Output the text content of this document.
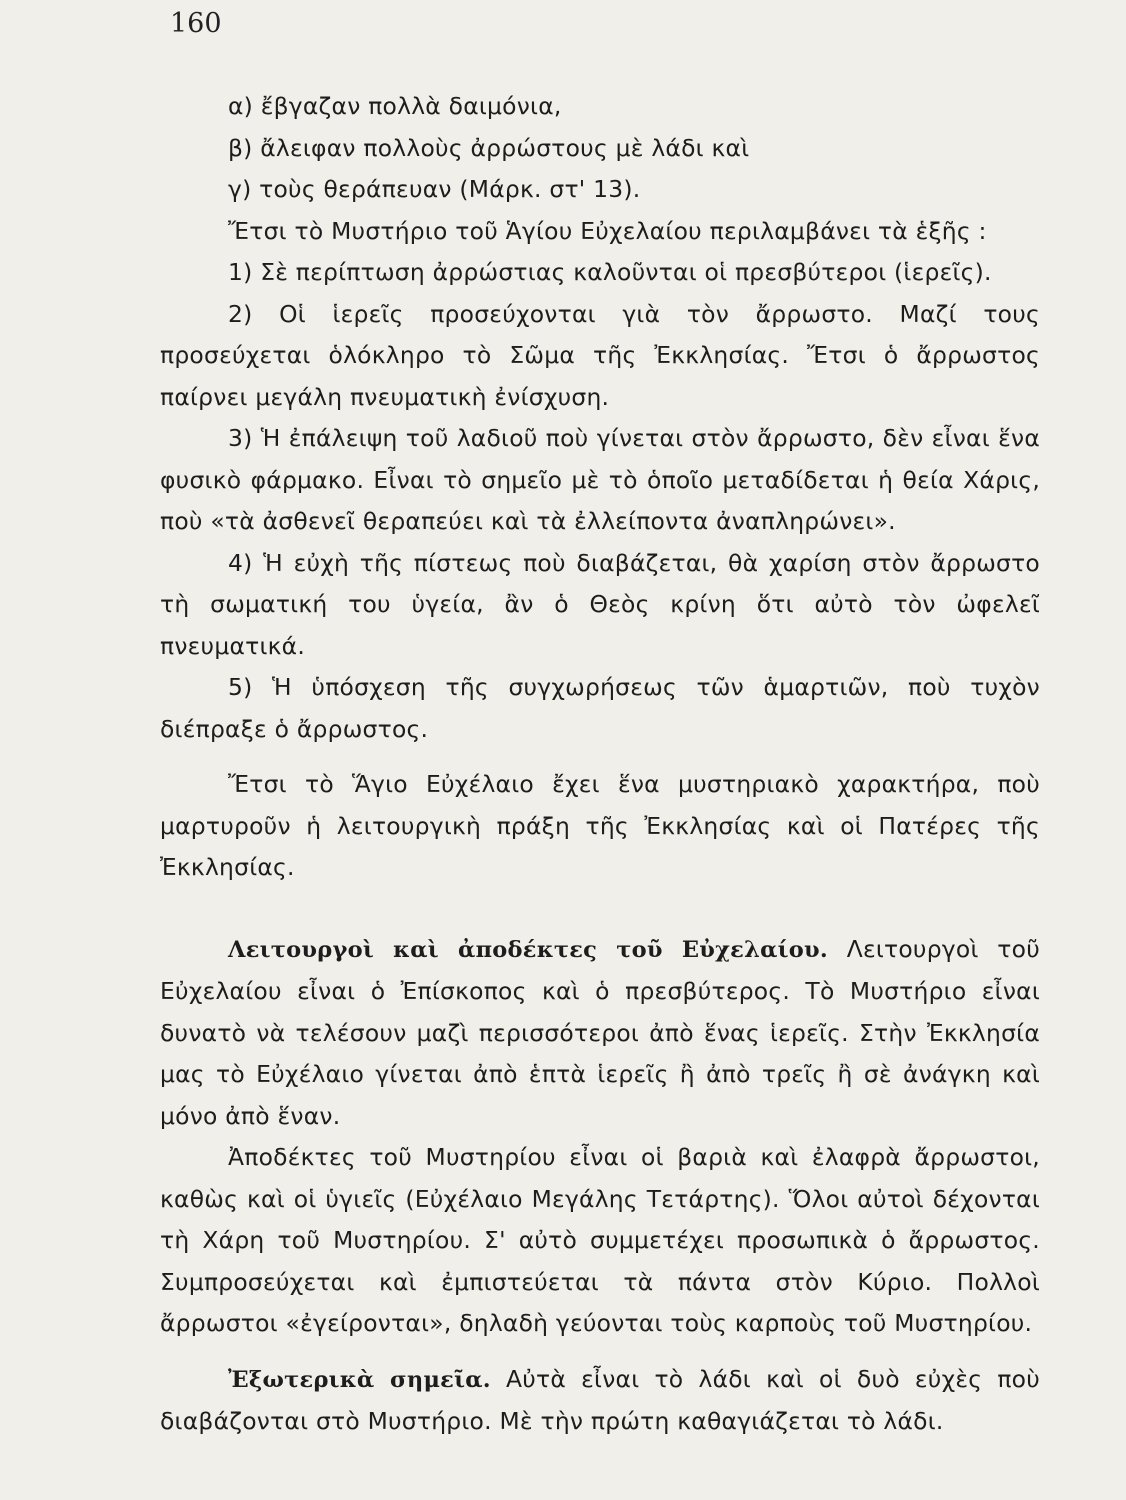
160

α) ἔβγαζαν πολλὰ δαιμόνια,

β) ἄλειφαν πολλοὺς ἀρρώστους μὲ λάδι καὶ

γ) τοὺς θεράπευαν (Μάρκ. στ' 13).

Ἔτσι τὸ Μυστήριο τοῦ Ἁγίου Εὐχελαίου περιλαμβάνει τὰ ἑξῆς :

1) Σὲ περίπτωση ἀρρώστιας καλοῦνται οἱ πρεσβύτεροι (ἱερεῖς).

2) Οἱ ἱερεῖς προσεύχονται γιὰ τὸν ἄρρωστο. Μαζί τους προσεύχεται ὁλόκληρο τὸ Σῶμα τῆς Ἐκκλησίας. Ἔτσι ὁ ἄρρωστος παίρνει μεγάλη πνευματικὴ ἐνίσχυση.

3) Ἡ ἐπάλειψη τοῦ λαδιοῦ ποὺ γίνεται στὸν ἄρρωστο, δὲν εἶναι ἕνα φυσικὸ φάρμακο. Εἶναι τὸ σημεῖο μὲ τὸ ὁποῖο μεταδίδεται ἡ θεία Χάρις, ποὺ «τὰ ἀσθενεῖ θεραπεύει καὶ τὰ ἐλλείποντα ἀναπληρώνει».

4) Ἡ εὐχὴ τῆς πίστεως ποὺ διαβάζεται, θὰ χαρίση στὸν ἄρρωστο τὴ σωματική του ὑγεία, ἂν ὁ Θεὸς κρίνη ὅτι αὐτὸ τὸν ὠφελεῖ πνευματικά.

5) Ἡ ὑπόσχεση τῆς συγχωρήσεως τῶν ἁμαρτιῶν, ποὺ τυχὸν διέπραξε ὁ ἄρρωστος.

Ἔτσι τὸ Ἅγιο Εὐχέλαιο ἔχει ἕνα μυστηριακὸ χαρακτήρα, ποὺ μαρτυροῦν ἡ λειτουργικὴ πράξη τῆς Ἐκκλησίας καὶ οἱ Πατέρες τῆς Ἐκκλησίας.

Λειτουργοὶ καὶ ἀποδέκτες τοῦ Εὐχελαίου. Λειτουργοὶ τοῦ Εὐχελαίου εἶναι ὁ Ἐπίσκοπος καὶ ὁ πρεσβύτερος. Τὸ Μυστήριο εἶναι δυνατὸ νὰ τελέσουν μαζὶ περισσότεροι ἀπὸ ἕνας ἱερεῖς. Στὴν Ἐκκλησία μας τὸ Εὐχέλαιο γίνεται ἀπὸ ἑπτὰ ἱερεῖς ἢ ἀπὸ τρεῖς ἢ σὲ ἀνάγκη καὶ μόνο ἀπὸ ἕναν.

Ἀποδέκτες τοῦ Μυστηρίου εἶναι οἱ βαριὰ καὶ ἐλαφρὰ ἄρρωστοι, καθὼς καὶ οἱ ὑγιεῖς (Εὐχέλαιο Μεγάλης Τετάρτης). Ὅλοι αὐτοὶ δέχονται τὴ Χάρη τοῦ Μυστηρίου. Σ' αὐτὸ συμμετέχει προσωπικὰ ὁ ἄρρωστος. Συμπροσεύχεται καὶ ἐμπιστεύεται τὰ πάντα στὸν Κύριο. Πολλοὶ ἄρρωστοι «ἐγείρονται», δηλαδὴ γεύονται τοὺς καρποὺς τοῦ Μυστηρίου.

Ἐξωτερικὰ σημεῖα. Αὐτὰ εἶναι τὸ λάδι καὶ οἱ δυὸ εὐχὲς ποὺ διαβάζονται στὸ Μυστήριο. Μὲ τὴν πρώτη καθαγιάζεται τὸ λάδι.
